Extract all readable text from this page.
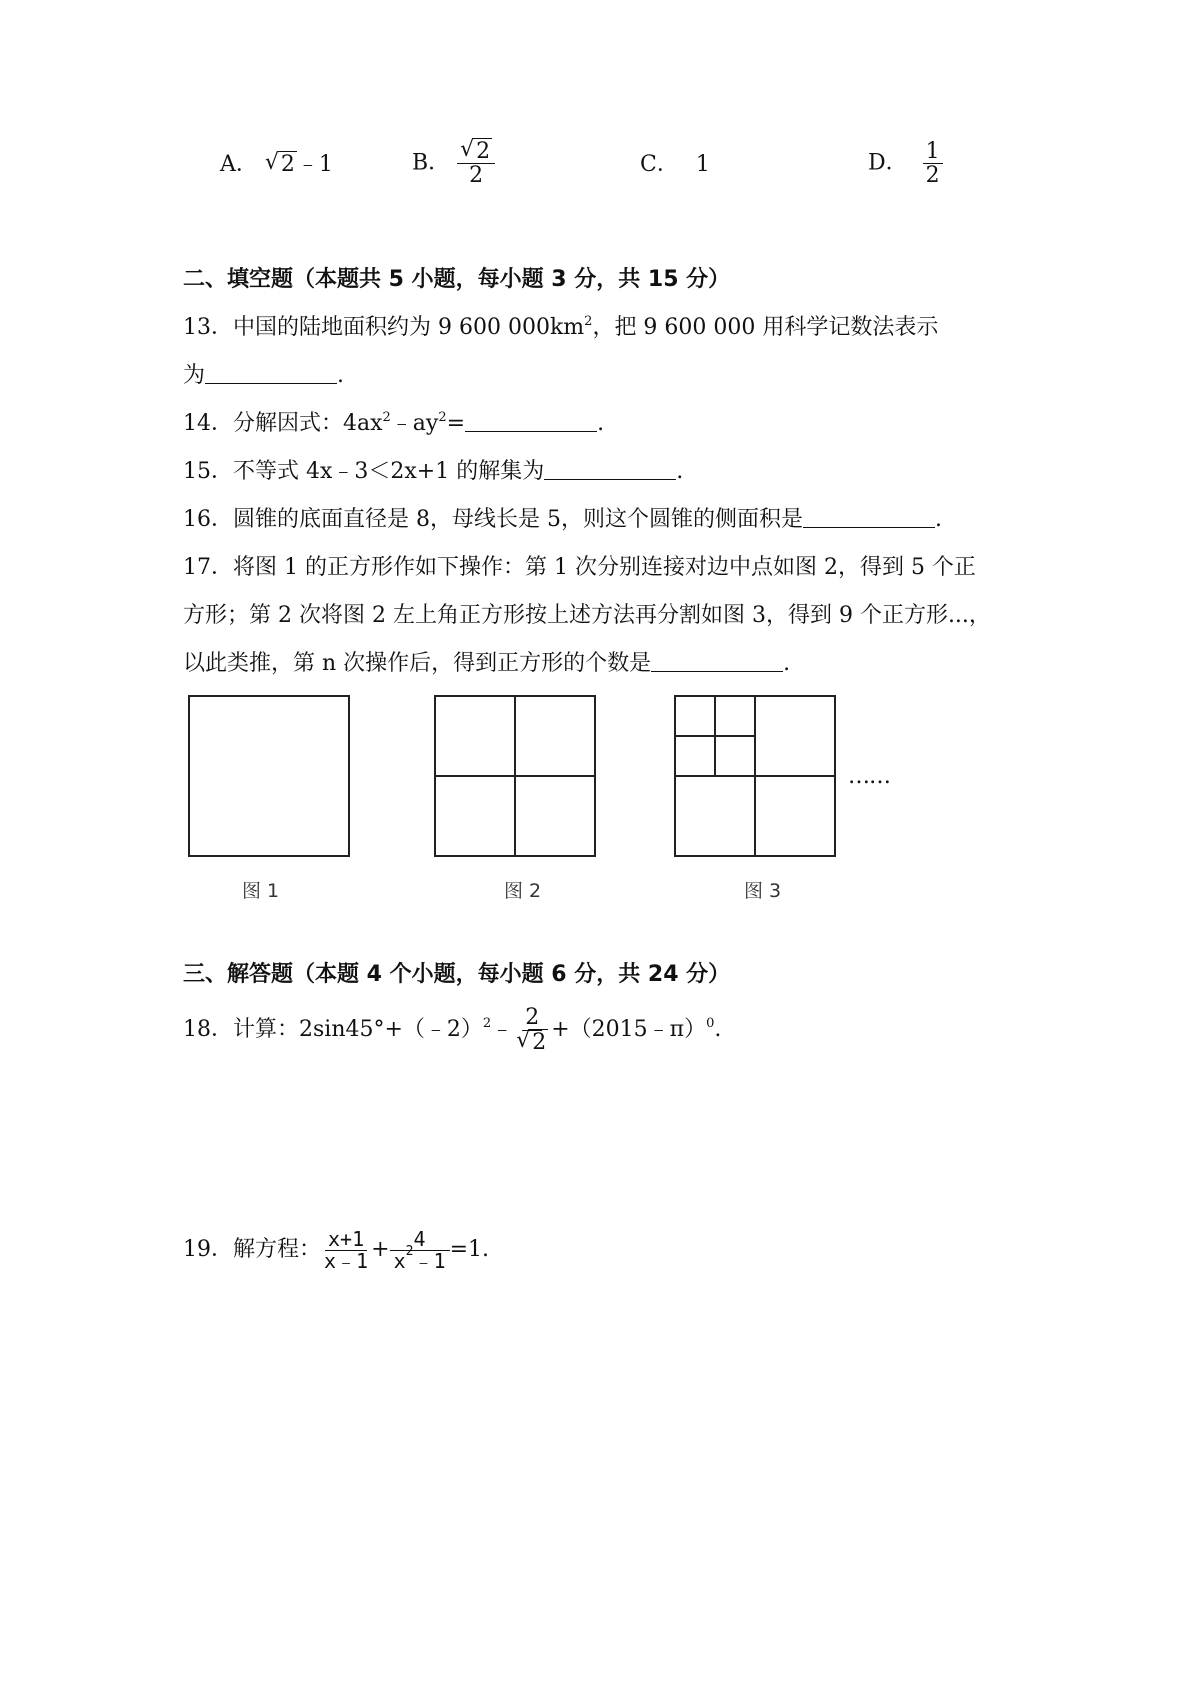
A． √ 2﹣1	B． √ $\frac{2}{2}$	C． 1	D． $\frac{1}{2}$
二、填空题（本题共 5 小题，每小题 3 分，共 15 分）
13．中国的陆地面积约为 9 600 $000km^2$，把 9 600 000 用科学记数法表示
为	.
14．分解因式：$4ax^2﹣ay^2=$	.
15．不等式 4x﹣3＜2x+1 的解集为	.
16．圆锥的底面直径是 8，母线长是 5，则这个圆锥的侧面积是	.
17．将图 1 的正方形作如下操作：第 1 次分别连接对边中点如图 2，得到 5 个正
方形；第 2 次将图 2 左上角正方形按上述方法再分割如图 3，得到 9 个正方形...，
以此类推，第 n 次操作后，得到正方形的个数是	.
……
图 1	图 2	图 3
三、解答题（本题 4 个小题，每小题 6 分，共 24 分）
18．计算：2sin45°+（﹣2）$^2$﹣ 2
√ 2 +（2015﹣π）$^0$.
19．解方程： $\frac{x+1}{x﹣1} + \frac{4}{x^2﹣1} =1$.
